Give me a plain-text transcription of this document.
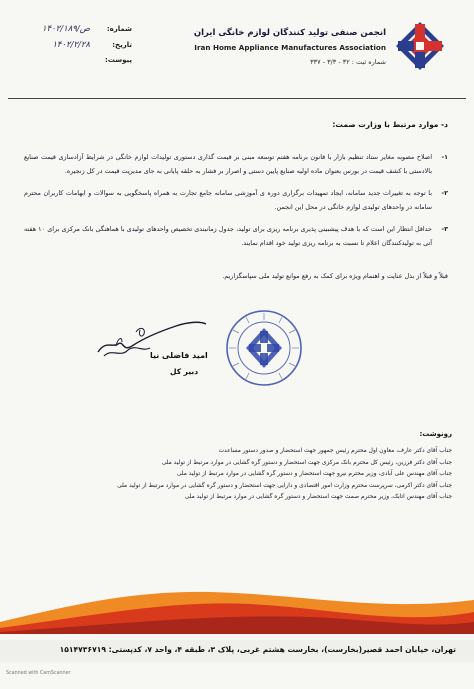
انجمن صنفی تولید کنندگان لوازم خانگی ایران
Iran Home Appliance Manufactures Association
شماره ثبت : ۳۲ - ۳/۳ - ۳۳۷
شماره:
۱۴۰۲/ص/۱۸۹
تاریخ:
۱۴۰۲/۲/۲۸
پیوست:
د- موارد مرتبط با وزارت صمت:
۱-
اصلاح مصوبه مغایر ستاد تنظیم بازار با قانون برنامه هفتم توسعه مبنی بر قیمت گذاری دستوری تولیدات لوازم خانگی در شرایط آزادسازی قیمت صنایع بالادستی با کشف قیمت در بورس بعنوان ماده اولیه صنایع پایین دستی و اصرار بر فشار به حلقه پایانی به جای مدیریت قیمت در کل زنجیره.
۲-
با توجه به تغییرات جدید سامانه، ایجاد تمهیدات برگزاری دوره ی آموزشی سامانه جامع تجارت به همراه پاسخگویی به سوالات و ابهامات کاربران محترم سامانه در واحدهای تولیدی لوازم خانگی در محل این انجمن.
۳-
حداقل انتظار این است که با هدف پیشبینی پذیری برنامه ریزی برای تولید، جدول زمانبندی تخصیص واحدهای تولیدی با هماهنگی بانک مرکزی برای ۱۰ هفته آتی به تولیدکنندگان اعلام تا نسبت به برنامه ریزی تولید خود اقدام نمایند.
قبلاً و قبلاً از بذل عنایت و اهتمام ویژه برای کمک به رفع موانع تولید ملی سپاسگزاریم.
امید فاضلی نیا
دبیر کل
رونوشت:
جناب آقای دکتر عارف، معاون اول محترم رئیس جمهور جهت استحضار و صدور دستور مساعدت
جناب آقای دکتر فرزین، رئیس کل محترم بانک مرکزی جهت استحضار و دستور گره گشایی در موارد مرتبط از تولید ملی
جناب آقای مهندس علی آبادی، وزیر محترم نیرو جهت استحضار و دستور گره گشایی در موارد مرتبط از تولید ملی
جناب آقای دکتر اکرمی، سرپرست محترم وزارت امور اقتصادی و دارایی جهت استحضار و دستور گره گشایی در موارد مرتبط از تولید ملی
جناب آقای مهندس اتابک، وزیر محترم صمت جهت استحضار و دستور گره گشایی در موارد مرتبط از تولید ملی
تهران، خیابان احمد قصیر(بخارست)، بخارست هشتم غربی، پلاک ۳، طبقه ۴، واحد ۷، کدپستی: ۱۵۱۴۷۳۶۷۱۹
Scanned with CamScanner
